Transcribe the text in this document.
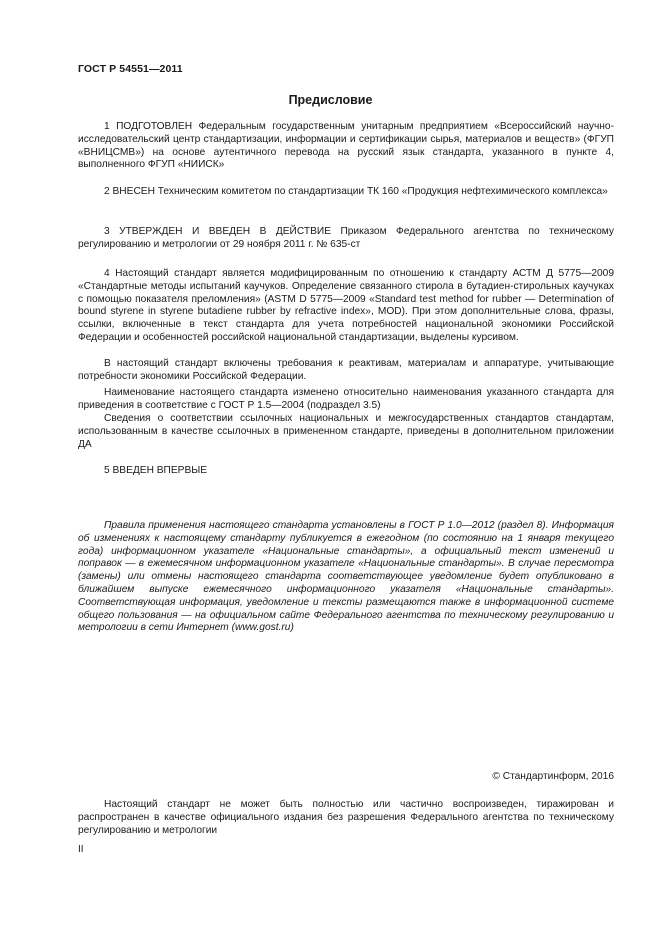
ГОСТ Р 54551—2011
Предисловие

1 ПОДГОТОВЛЕН Федеральным государственным унитарным предприятием «Всероссийский научно-исследовательский центр стандартизации, информации и сертификации сырья, материалов и веществ» (ФГУП «ВНИЦСМВ») на основе аутентичного перевода на русский язык стандарта, указанного в пункте 4, выполненного ФГУП «НИИСК»

2 ВНЕСЕН Техническим комитетом по стандартизации ТК 160 «Продукция нефтехимического комплекса»

3 УТВЕРЖДЕН И ВВЕДЕН В ДЕЙСТВИЕ Приказом Федерального агентства по техническому регулированию и метрологии от 29 ноября 2011 г. № 635-ст

4 Настоящий стандарт является модифицированным по отношению к стандарту АСТМ Д 5775—2009 «Стандартные методы испытаний каучуков. Определение связанного стирола в бутадиен-стирольных каучуках с помощью показателя преломления» (ASTM D 5775—2009 «Standard test method for rubber — Determination of bound styrene in styrene butadiene rubber by refractive index», MOD). При этом дополнительные слова, фразы, ссылки, включенные в текст стандарта для учета потребностей национальной экономики Российской Федерации и особенностей российской национальной стандартизации, выделены курсивом.

В настоящий стандарт включены требования к реактивам, материалам и аппаратуре, учитывающие потребности экономики Российской Федерации.

Наименование настоящего стандарта изменено относительно наименования указанного стандарта для приведения в соответствие с ГОСТ Р 1.5—2004 (подраздел 3.5)

Сведения о соответствии ссылочных национальных и межгосударственных стандартов стандартам, использованным в качестве ссылочных в примененном стандарте, приведены в дополнительном приложении ДА

5 ВВЕДЕН ВПЕРВЫЕ

Правила применения настоящего стандарта установлены в ГОСТ Р 1.0—2012 (раздел 8). Информация об изменениях к настоящему стандарту публикуется в ежегодном (по состоянию на 1 января текущего года) информационном указателе «Национальные стандарты», а официальный текст изменений и поправок — в ежемесячном информационном указателе «Национальные стандарты». В случае пересмотра (замены) или отмены настоящего стандарта соответствующее уведомление будет опубликовано в ближайшем выпуске ежемесячного информационного указателя «Национальные стандарты». Соответствующая информация, уведомление и тексты размещаются также в информационной системе общего пользования — на официальном сайте Федерального агентства по техническому регулированию и метрологии в сети Интернет (www.gost.ru)

© Стандартинформ, 2016

Настоящий стандарт не может быть полностью или частично воспроизведен, тиражирован и распространен в качестве официального издания без разрешения Федерального агентства по техническому регулированию и метрологии

II
